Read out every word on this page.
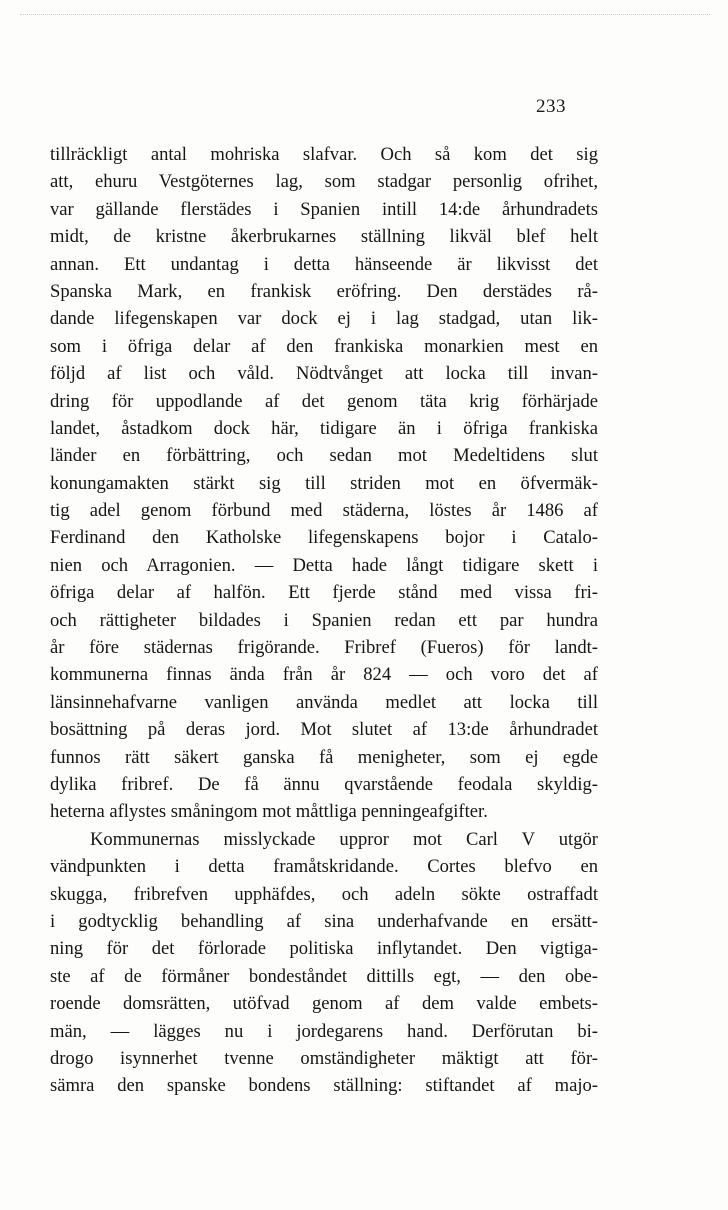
233
tillräckligt antal mohriska slafvar. Och så kom det sig
att, ehuru Vestgöternes lag, som stadgar personlig ofrihet,
var gällande flerstädes i Spanien intill 14:de århundradets
midt, de kristne åkerbrukarnes ställning likväl blef helt
annan. Ett undantag i detta hänseende är likvisst det
Spanska Mark, en frankisk eröfring. Den derstädes rå-
dande lifegenskapen var dock ej i lag stadgad, utan lik-
som i öfriga delar af den frankiska monarkien mest en
följd af list och våld. Nödtvånget att locka till invan-
dring för uppodlande af det genom täta krig förhärjade
landet, åstadkom dock här, tidigare än i öfriga frankiska
länder en förbättring, och sedan mot Medeltidens slut
konungamakten stärkt sig till striden mot en öfvermäk-
tig adel genom förbund med städerna, löstes år 1486 af
Ferdinand den Katholske lifegenskapens bojor i Catalo-
nien och Arragonien. — Detta hade långt tidigare skett i
öfriga delar af halfön. Ett fjerde stånd med vissa fri-
och rättigheter bildades i Spanien redan ett par hundra
år före städernas frigörande. Fribref (Fueros) för landt-
kommunerna finnas ända från år 824 — och voro det af
länsinnehafvarne vanligen använda medlet att locka till
bosättning på deras jord. Mot slutet af 13:de århundradet
funnos rätt säkert ganska få menigheter, som ej egde
dylika fribref. De få ännu qvarstående feodala skyldig-
heterna aflystes småningom mot måttliga penningeafgifter.
Kommunernas misslyckade uppror mot Carl V utgör
vändpunkten i detta framåtskridande. Cortes blefvo en
skugga, fribrefven upphäfdes, och adeln sökte ostraffadt
i godtycklig behandling af sina underhafvande en ersätt-
ning för det förlorade politiska inflytandet. Den vigtiga-
ste af de förmåner bondeståndet dittills egt, — den obe-
roende domsrätten, utöfvad genom af dem valde embets-
män, — lägges nu i jordegarens hand. Derförutan bi-
drogo isynnerhet tvenne omständigheter mäktigt att för-
sämra den spanske bondens ställning: stiftandet af majo-
